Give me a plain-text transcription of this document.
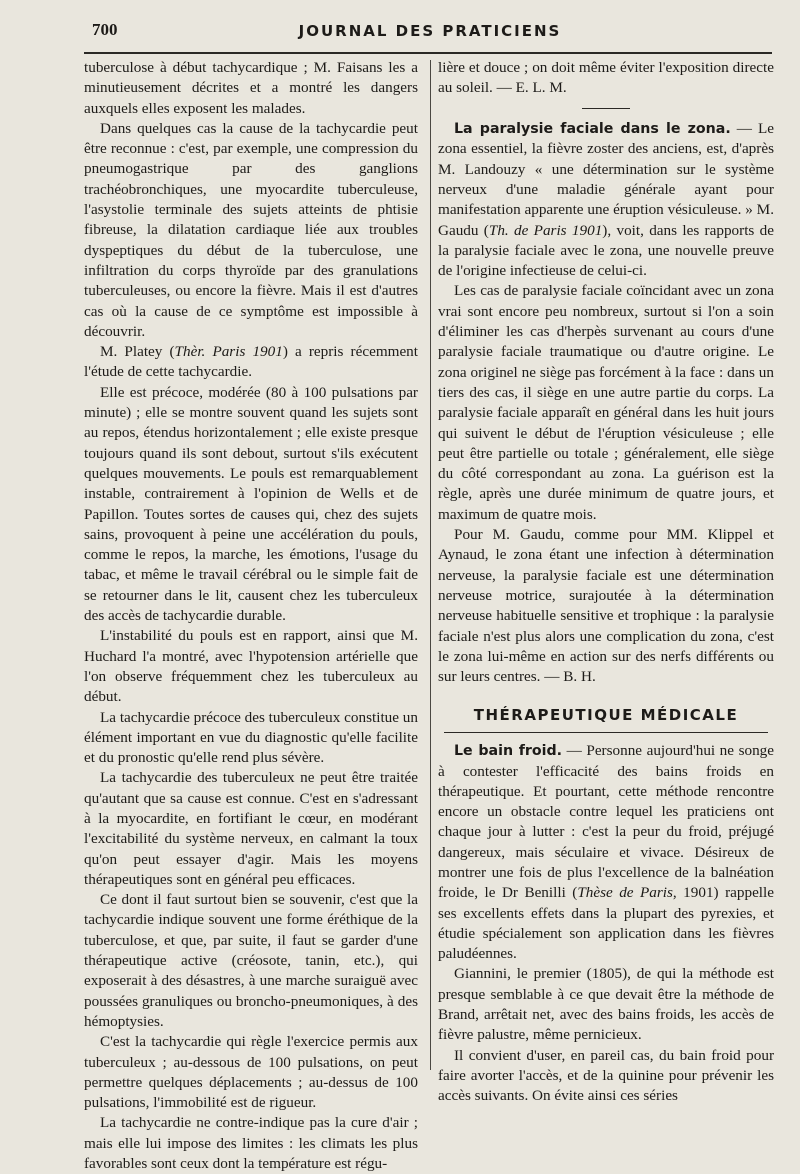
700	JOURNAL DES PRATICIENS

tuberculose à début tachycardique ; M. Faisans les a minutieusement décrites et a montré les dangers auxquels elles exposent les malades.

Dans quelques cas la cause de la tachycardie peut être reconnue : c'est, par exemple, une compression du pneumogastrique par des ganglions trachéobronchiques, une myocardite tuberculeuse, l'asystolie terminale des sujets atteints de phtisie fibreuse, la dilatation cardiaque liée aux troubles dyspeptiques du début de la tuberculose, une infiltration du corps thyroïde par des granulations tuberculeuses, ou encore la fièvre. Mais il est d'autres cas où la cause de ce symptôme est impossible à découvrir.

M. Platey (Thèr. Paris 1901) a repris récemment l'étude de cette tachycardie.

Elle est précoce, modérée (80 à 100 pulsations par minute) ; elle se montre souvent quand les sujets sont au repos, étendus horizontalement ; elle existe presque toujours quand ils sont debout, surtout s'ils exécutent quelques mouvements. Le pouls est remarquablement instable, contrairement à l'opinion de Wells et de Papillon. Toutes sortes de causes qui, chez des sujets sains, provoquent à peine une accélération du pouls, comme le repos, la marche, les émotions, l'usage du tabac, et même le travail cérébral ou le simple fait de se retourner dans le lit, causent chez les tuberculeux des accès de tachycardie durable.

L'instabilité du pouls est en rapport, ainsi que M. Huchard l'a montré, avec l'hypotension artérielle que l'on observe fréquemment chez les tuberculeux au début.

La tachycardie précoce des tuberculeux constitue un élément important en vue du diagnostic qu'elle facilite et du pronostic qu'elle rend plus sévère.

La tachycardie des tuberculeux ne peut être traitée qu'autant que sa cause est connue. C'est en s'adressant à la myocardite, en fortifiant le cœur, en modérant l'excitabilité du système nerveux, en calmant la toux qu'on peut essayer d'agir. Mais les moyens thérapeutiques sont en général peu efficaces.

Ce dont il faut surtout bien se souvenir, c'est que la tachycardie indique souvent une forme éréthique de la tuberculose, et que, par suite, il faut se garder d'une thérapeutique active (créosote, tanin, etc.), qui exposerait à des désastres, à une marche suraiguë avec poussées granuliques ou broncho-pneumoniques, à des hémoptysies.

C'est la tachycardie qui règle l'exercice permis aux tuberculeux ; au-dessous de 100 pulsations, on peut permettre quelques déplacements ; au-dessus de 100 pulsations, l'immobilité est de rigueur.

La tachycardie ne contre-indique pas la cure d'air ; mais elle lui impose des limites : les climats les plus favorables sont ceux dont la température est régu-

lière et douce ; on doit même éviter l'exposition directe au soleil. — E. L. M.

La paralysie faciale dans le zona. — Le zona essentiel, la fièvre zoster des anciens, est, d'après M. Landouzy « une détermination sur le système nerveux d'une maladie générale ayant pour manifestation apparente une éruption vésiculeuse. » M. Gaudu (Th. de Paris 1901), voit, dans les rapports de la paralysie faciale avec le zona, une nouvelle preuve de l'origine infectieuse de celui-ci.

Les cas de paralysie faciale coïncidant avec un zona vrai sont encore peu nombreux, surtout si l'on a soin d'éliminer les cas d'herpès survenant au cours d'une paralysie faciale traumatique ou d'autre origine. Le zona originel ne siège pas forcément à la face : dans un tiers des cas, il siège en une autre partie du corps. La paralysie faciale apparaît en général dans les huit jours qui suivent le début de l'éruption vésiculeuse ; elle peut être partielle ou totale ; généralement, elle siège du côté correspondant au zona. La guérison est la règle, après une durée minimum de quatre jours, et maximum de quatre mois.

Pour M. Gaudu, comme pour MM. Klippel et Aynaud, le zona étant une infection à détermination nerveuse, la paralysie faciale est une détermination nerveuse motrice, surajoutée à la détermination nerveuse habituelle sensitive et trophique : la paralysie faciale n'est plus alors une complication du zona, c'est le zona lui-même en action sur des nerfs différents ou sur leurs centres. — B. H.

THÉRAPEUTIQUE MÉDICALE

Le bain froid. — Personne aujourd'hui ne songe à contester l'efficacité des bains froids en thérapeutique. Et pourtant, cette méthode rencontre encore un obstacle contre lequel les praticiens ont chaque jour à lutter : c'est la peur du froid, préjugé dangereux, mais séculaire et vivace. Désireux de montrer une fois de plus l'excellence de la balnéation froide, le Dr Benilli (Thèse de Paris, 1901) rappelle ses excellents effets dans la plupart des pyrexies, et étudie spécialement son application dans les fièvres paludéennes.

Giannini, le premier (1805), de qui la méthode est presque semblable à ce que devait être la méthode de Brand, arrêtait net, avec des bains froids, les accès de fièvre palustre, même pernicieux.

Il convient d'user, en pareil cas, du bain froid pour faire avorter l'accès, et de la quinine pour prévenir les accès suivants. On évite ainsi ces séries
